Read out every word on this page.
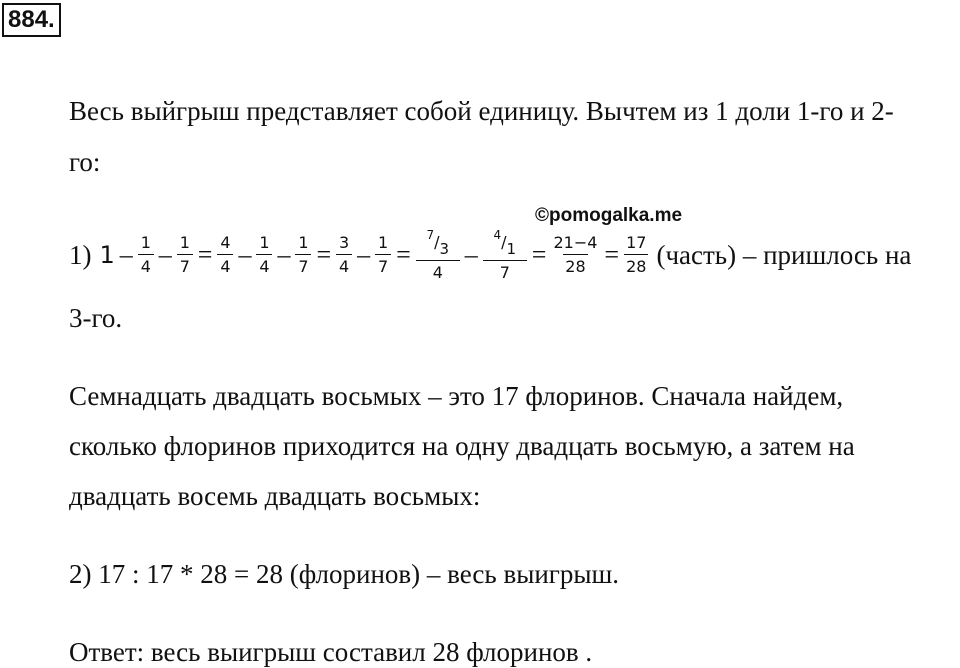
884.
Весь выйгрыш представляет собой единицу. Вычтем из 1 доли 1-го и 2-
го:
©pomogalka.me
1) $1 - \frac{1}{4} - \frac{1}{7} = \frac{4}{4} - \frac{1}{4} - \frac{1}{7} = \frac{3}{4} - \frac{1}{7} = \frac{^7/_3}{4} - \frac{^4/_1}{7} = \frac{21-4}{28} = \frac{17}{28}$ (часть) – пришлось на
3-го.
Семнадцать двадцать восьмых – это 17 флоринов. Сначала найдем,
сколько флоринов приходится на одну двадцать восьмую, а затем на
двадцать восемь двадцать восьмых:
2) 17 : 17 * 28 = 28 (флоринов) – весь выигрыш.
Ответ: весь выигрыш составил 28 флоринов .
